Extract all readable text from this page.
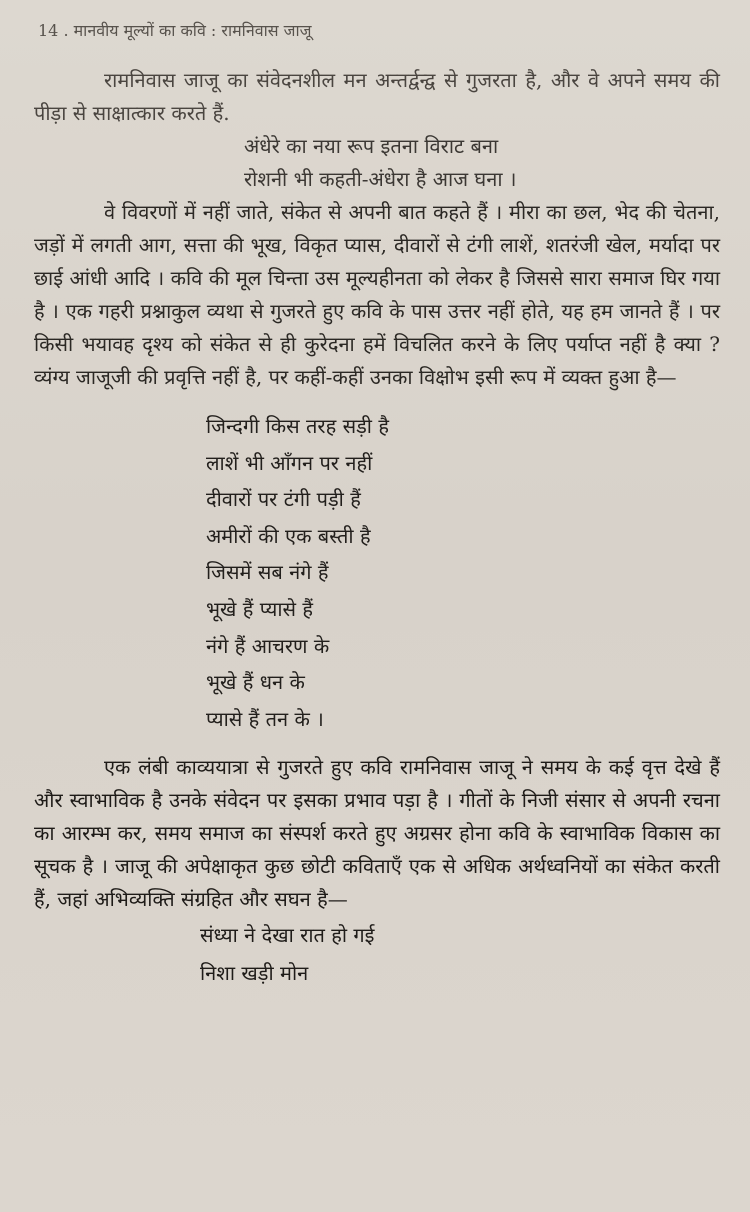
14 . मानवीय मूल्यों का कवि : रामनिवास जाजू

रामनिवास जाजू का संवेदनशील मन अन्तर्द्वन्द्व से गुजरता है, और वे अपने समय की पीड़ा से साक्षात्कार करते हैं.

अंधेरे का नया रूप इतना विराट बना
रोशनी भी कहती-अंधेरा है आज घना ।

वे विवरणों में नहीं जाते, संकेत से अपनी बात कहते हैं । मीरा का छल, भेद की चेतना, जड़ों में लगती आग, सत्ता की भूख, विकृत प्यास, दीवारों से टंगी लाशें, शतरंजी खेल, मर्यादा पर छाई आंधी आदि । कवि की मूल चिन्ता उस मूल्यहीनता को लेकर है जिससे सारा समाज घिर गया है । एक गहरी प्रश्नाकुल व्यथा से गुजरते हुए कवि के पास उत्तर नहीं होते, यह हम जानते हैं । पर किसी भयावह दृश्य को संकेत से ही कुरेदना हमें विचलित करने के लिए पर्याप्त नहीं है क्या ? व्यंग्य जाजूजी की प्रवृत्ति नहीं है, पर कहीं-कहीं उनका विक्षोभ इसी रूप में व्यक्त हुआ है—

जिन्दगी किस तरह सड़ी है
लाशें भी आँगन पर नहीं
दीवारों पर टंगी पड़ी हैं
अमीरों की एक बस्ती है
जिसमें सब नंगे हैं
भूखे हैं प्यासे हैं
नंगे हैं आचरण के
भूखे हैं धन के
प्यासे हैं तन के ।

एक लंबी काव्ययात्रा से गुजरते हुए कवि रामनिवास जाजू ने समय के कई वृत्त देखे हैं और स्वाभाविक है उनके संवेदन पर इसका प्रभाव पड़ा है । गीतों के निजी संसार से अपनी रचना का आरम्भ कर, समय समाज का संस्पर्श करते हुए अग्रसर होना कवि के स्वाभाविक विकास का सूचक है । जाजू की अपेक्षाकृत कुछ छोटी कविताएँ एक से अधिक अर्थध्वनियों का संकेत करती हैं, जहां अभिव्यक्ति संग्रहित और सघन है—

संध्या ने देखा रात हो गई
निशा खड़ी मोन
